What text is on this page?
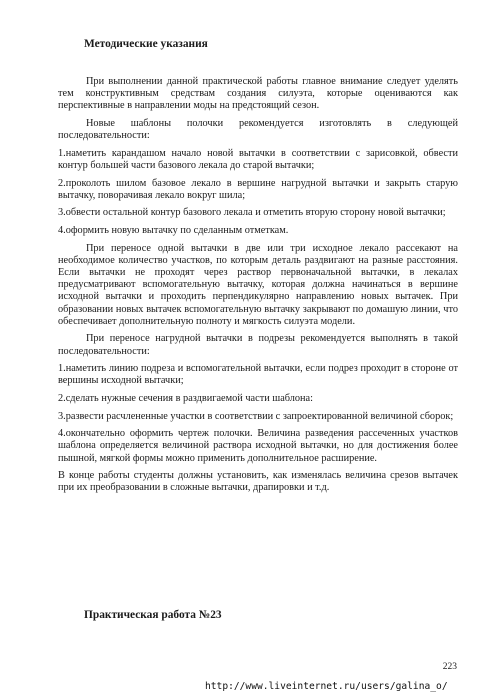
Методические указания

При выполнении данной практической работы главное внимание следует уделять тем конструктивным средствам создания силуэта, которые оцениваются как перспективные в направлении моды на предстоящий сезон.

Новые шаблоны полочки рекомендуется изготовлять в следующей последовательности:

1.наметить карандашом начало новой вытачки в соответствии с зарисовкой, обвести контур большей части базового лекала до старой вытачки;

2.проколоть шилом базовое лекало в вершине нагрудной вытачки и закрыть старую вытачку, поворачивая лекало вокруг шила;

3.обвести остальной контур базового лекала и отметить вторую сторону новой вытачки;

4.оформить новую вытачку по сделанным отметкам.

При переносе одной вытачки в две или три исходное лекало рассекают на необходимое количество участков, по которым деталь раздвигают на разные расстояния. Если вытачки не проходят через раствор первоначальной вытачки, в лекалах предусматривают вспомогательную вытачку, которая должна начинаться в вершине исходной вытачки и проходить перпендикулярно направлению новых вытачек. При образовании новых вытачек вспомогательную вытачку закрывают по домашую линии, что обеспечивает дополнительную полноту и мягкость силуэта модели.

При переносе нагрудной вытачки в подрезы рекомендуется выполнять в такой последовательности:

1.наметить линию подреза и вспомогательной вытачки, если подрез проходит в стороне от вершины исходной вытачки;

2.сделать нужные сечения в раздвигаемой части шаблона:

3.развести расчлененные участки в соответствии с запроектированной величиной сборок;

4.окончательно оформить чертеж полочки. Величина разведения рассеченных участков шаблона определяется величиной раствора исходной вытачки, но для достижения более пышной, мягкой формы можно применить дополнительное расширение.

В конце работы студенты должны установить, как изменялась величина срезов вытачек при их преобразовании в сложные вытачки, драпировки и т.д.

Практическая работа №23
223
http://www.liveinternet.ru/users/galina_o/
